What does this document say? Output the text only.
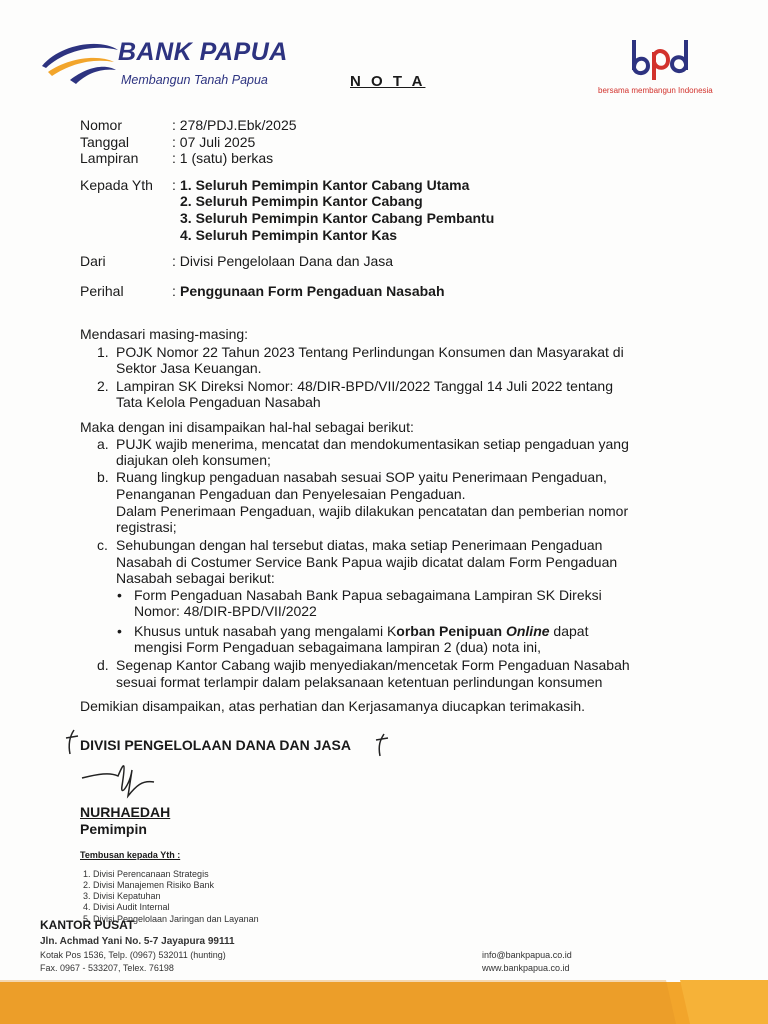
BANK PAPUA
Membangun Tanah Papua	N O T A
bersama membangun Indonesia
Nomor	: 278/PDJ.Ebk/2025
Tanggal	: 07 Juli 2025
Lampiran : 1 (satu) berkas
Kepada Yth : 1. Seluruh Pemimpin Kantor Cabang Utama
2. Seluruh Pemimpin Kantor Cabang
3. Seluruh Pemimpin Kantor Cabang Pembantu
4. Seluruh Pemimpin Kantor Kas
Dari	: Divisi Pengelolaan Dana dan Jasa
Perihal	: Penggunaan Form Pengaduan Nasabah
Mendasari masing-masing:
1. POJK Nomor 22 Tahun 2023 Tentang Perlindungan Konsumen dan Masyarakat di
Sektor Jasa Keuangan.
2. Lampiran SK Direksi Nomor: 48/DIR-BPD/VII/2022 Tanggal 14 Juli 2022 tentang
Tata Kelola Pengaduan Nasabah
Maka dengan ini disampaikan hal-hal sebagai berikut:
a. PUJK wajib menerima, mencatat dan mendokumentasikan setiap pengaduan yang
diajukan oleh konsumen;
b. Ruang lingkup pengaduan nasabah sesuai SOP yaitu Penerimaan Pengaduan,
Penanganan Pengaduan dan Penyelesaian Pengaduan.
Dalam Penerimaan Pengaduan, wajib dilakukan pencatatan dan pemberian nomor
registrasi;
c. Sehubungan dengan hal tersebut diatas, maka setiap Penerimaan Pengaduan
Nasabah di Costumer Service Bank Papua wajib dicatat dalam Form Pengaduan
Nasabah sebagai berikut:
• Form Pengaduan Nasabah Bank Papua sebagaimana Lampiran SK Direksi
Nomor: 48/DIR-BPD/VII/2022
• Khusus untuk nasabah yang mengalami Korban Penipuan Online dapat
mengisi Form Pengaduan sebagaimana lampiran 2 (dua) nota ini,
d. Segenap Kantor Cabang wajib menyediakan/mencetak Form Pengaduan Nasabah
sesuai format terlampir dalam pelaksanaan ketentuan perlindungan konsumen
Demikian disampaikan, atas perhatian dan Kerjasamanya diucapkan terimakasih.
DIVISI PENGELOLAAN DANA DAN JASA
NURHAEDAH
Pemimpin
Tembusan kepada Yth :
1. Divisi Perencanaan Strategis
2. Divisi Manajemen Risiko Bank
3. Divisi Kepatuhan
4. Divisi Audit Internal
5. Divisi Pengelolaan Jaringan dan Layanan
KANTOR PUSAT
Jln. Achmad Yani No. 5-7 Jayapura 99111
Kotak Pos 1536, Telp. (0967) 532011 (hunting)
Fax. 0967 - 533207, Telex. 76198
info@bankpapua.co.id
www.bankpapua.co.id
